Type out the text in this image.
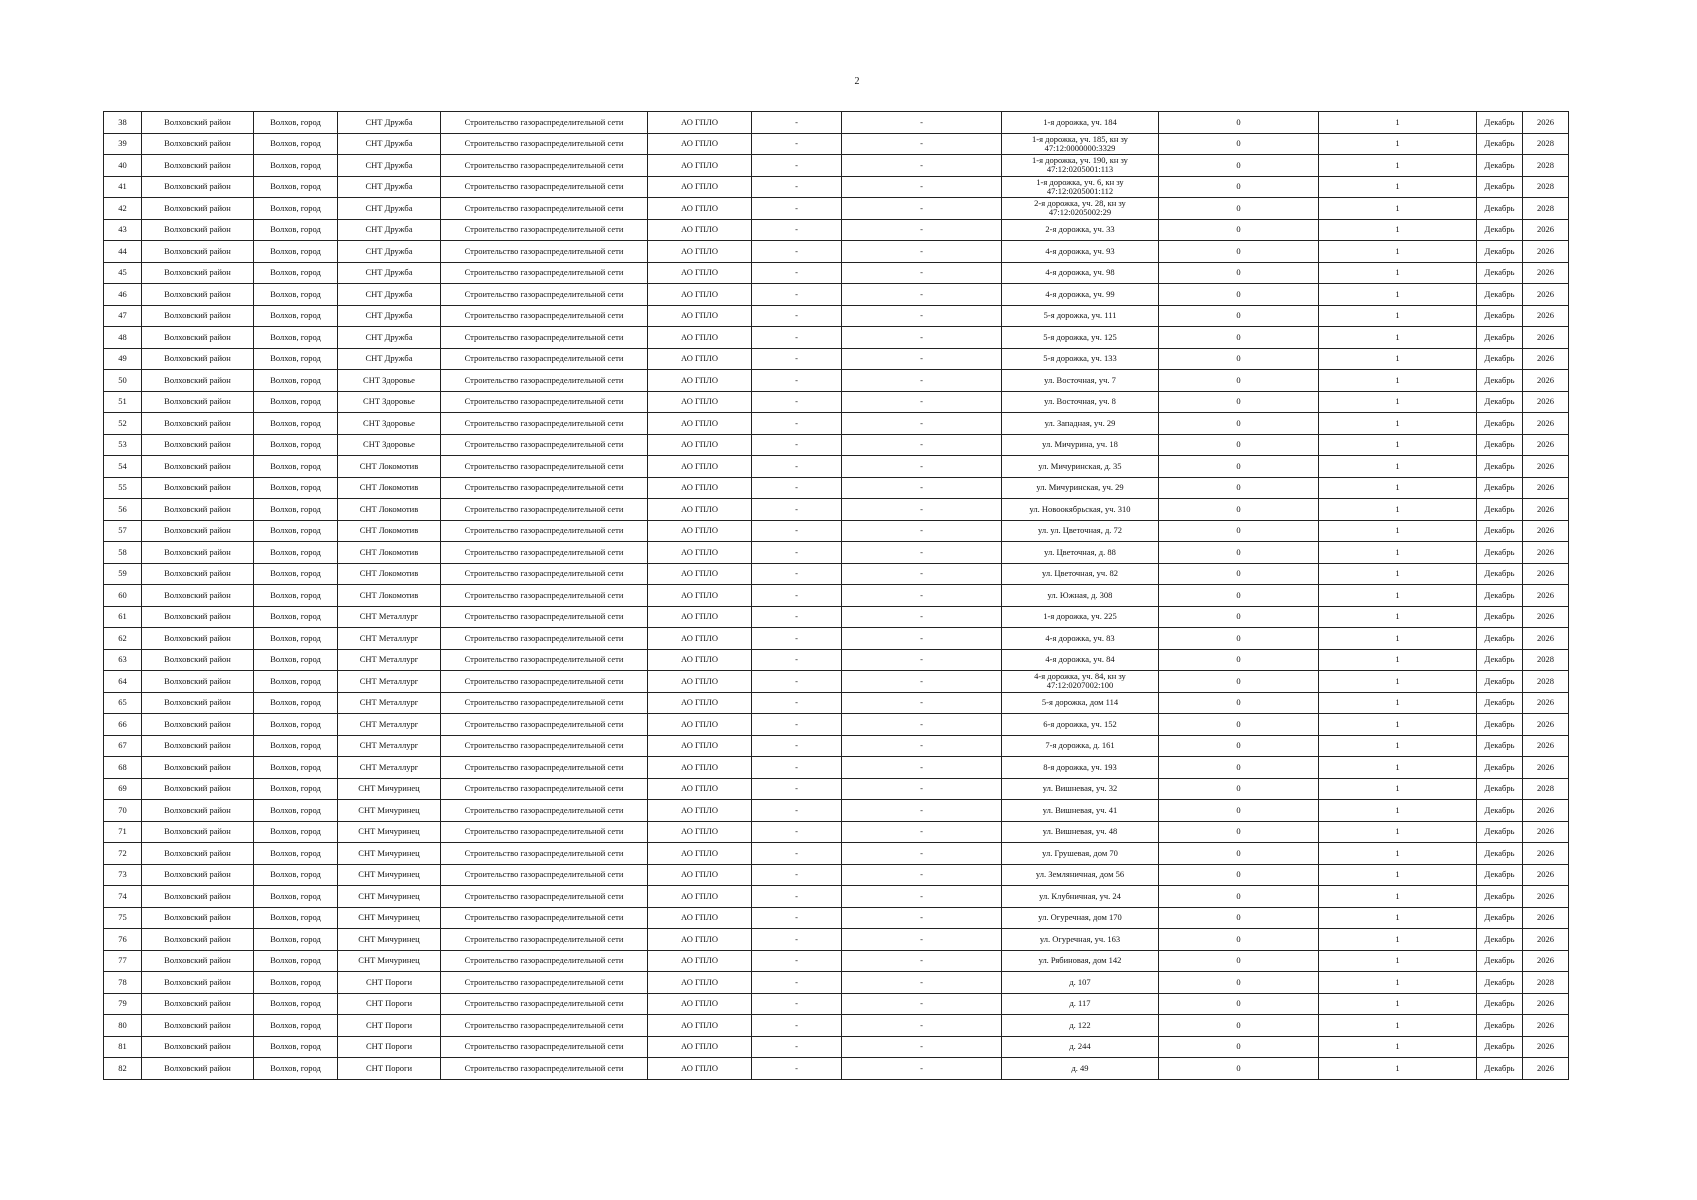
2
38	Волховский район	Волхов, город	СНТ Дружба	Строительство газораспределительной сети	АО ГПЛО	-	-	1-я дорожка, уч. 184	0	1	Декабрь	2026
39	Волховский район	Волхов, город	СНТ Дружба	Строительство газораспределительной сети	АО ГПЛО	-	-	1-я дорожка, уч. 185, кн зу 47:12:0000000:3329	0	1	Декабрь	2028
40	Волховский район	Волхов, город	СНТ Дружба	Строительство газораспределительной сети	АО ГПЛО	-	-	1-я дорожка, уч. 190, кн зу 47:12:0205001:113	0	1	Декабрь	2028
41	Волховский район	Волхов, город	СНТ Дружба	Строительство газораспределительной сети	АО ГПЛО	-	-	1-я дорожка, уч. 6, кн зу 47:12:0205001:112	0	1	Декабрь	2028
42	Волховский район	Волхов, город	СНТ Дружба	Строительство газораспределительной сети	АО ГПЛО	-	-	2-я дорожка, уч. 28, кн зу 47:12:0205002:29	0	1	Декабрь	2028
43	Волховский район	Волхов, город	СНТ Дружба	Строительство газораспределительной сети	АО ГПЛО	-	-	2-я дорожка, уч. 33	0	1	Декабрь	2026
44	Волховский район	Волхов, город	СНТ Дружба	Строительство газораспределительной сети	АО ГПЛО	-	-	4-я дорожка, уч. 93	0	1	Декабрь	2026
45	Волховский район	Волхов, город	СНТ Дружба	Строительство газораспределительной сети	АО ГПЛО	-	-	4-я дорожка, уч. 98	0	1	Декабрь	2026
46	Волховский район	Волхов, город	СНТ Дружба	Строительство газораспределительной сети	АО ГПЛО	-	-	4-я дорожка, уч. 99	0	1	Декабрь	2026
47	Волховский район	Волхов, город	СНТ Дружба	Строительство газораспределительной сети	АО ГПЛО	-	-	5-я дорожка, уч. 111	0	1	Декабрь	2026
48	Волховский район	Волхов, город	СНТ Дружба	Строительство газораспределительной сети	АО ГПЛО	-	-	5-я дорожка, уч. 125	0	1	Декабрь	2026
49	Волховский район	Волхов, город	СНТ Дружба	Строительство газораспределительной сети	АО ГПЛО	-	-	5-я дорожка, уч. 133	0	1	Декабрь	2026
50	Волховский район	Волхов, город	СНТ Здоровье	Строительство газораспределительной сети	АО ГПЛО	-	-	ул. Восточная, уч. 7	0	1	Декабрь	2026
51	Волховский район	Волхов, город	СНТ Здоровье	Строительство газораспределительной сети	АО ГПЛО	-	-	ул. Восточная, уч. 8	0	1	Декабрь	2026
52	Волховский район	Волхов, город	СНТ Здоровье	Строительство газораспределительной сети	АО ГПЛО	-	-	ул. Западная, уч. 29	0	1	Декабрь	2026
53	Волховский район	Волхов, город	СНТ Здоровье	Строительство газораспределительной сети	АО ГПЛО	-	-	ул. Мичурина, уч. 18	0	1	Декабрь	2026
54	Волховский район	Волхов, город	СНТ Локомотив	Строительство газораспределительной сети	АО ГПЛО	-	-	ул. Мичуринская, д. 35	0	1	Декабрь	2026
55	Волховский район	Волхов, город	СНТ Локомотив	Строительство газораспределительной сети	АО ГПЛО	-	-	ул. Мичуринская, уч. 29	0	1	Декабрь	2026
56	Волховский район	Волхов, город	СНТ Локомотив	Строительство газораспределительной сети	АО ГПЛО	-	-	ул. Новоокябрьская, уч. 310	0	1	Декабрь	2026
57	Волховский район	Волхов, город	СНТ Локомотив	Строительство газораспределительной сети	АО ГПЛО	-	-	ул. ул. Цветочная, д. 72	0	1	Декабрь	2026
58	Волховский район	Волхов, город	СНТ Локомотив	Строительство газораспределительной сети	АО ГПЛО	-	-	ул. Цветочная, д. 88	0	1	Декабрь	2026
59	Волховский район	Волхов, город	СНТ Локомотив	Строительство газораспределительной сети	АО ГПЛО	-	-	ул. Цветочная, уч. 82	0	1	Декабрь	2026
60	Волховский район	Волхов, город	СНТ Локомотив	Строительство газораспределительной сети	АО ГПЛО	-	-	ул. Южная, д. 308	0	1	Декабрь	2026
61	Волховский район	Волхов, город	СНТ Металлург	Строительство газораспределительной сети	АО ГПЛО	-	-	1-я дорожка, уч. 225	0	1	Декабрь	2026
62	Волховский район	Волхов, город	СНТ Металлург	Строительство газораспределительной сети	АО ГПЛО	-	-	4-я дорожка, уч. 83	0	1	Декабрь	2026
63	Волховский район	Волхов, город	СНТ Металлург	Строительство газораспределительной сети	АО ГПЛО	-	-	4-я дорожка, уч. 84	0	1	Декабрь	2028
64	Волховский район	Волхов, город	СНТ Металлург	Строительство газораспределительной сети	АО ГПЛО	-	-	4-я дорожка, уч. 84, кн зу 47:12:0207002:100	0	1	Декабрь	2028
65	Волховский район	Волхов, город	СНТ Металлург	Строительство газораспределительной сети	АО ГПЛО	-	-	5-я дорожка, дом 114	0	1	Декабрь	2026
66	Волховский район	Волхов, город	СНТ Металлург	Строительство газораспределительной сети	АО ГПЛО	-	-	6-я дорожка, уч. 152	0	1	Декабрь	2026
67	Волховский район	Волхов, город	СНТ Металлург	Строительство газораспределительной сети	АО ГПЛО	-	-	7-я дорожка, д. 161	0	1	Декабрь	2026
68	Волховский район	Волхов, город	СНТ Металлург	Строительство газораспределительной сети	АО ГПЛО	-	-	8-я дорожка, уч. 193	0	1	Декабрь	2026
69	Волховский район	Волхов, город	СНТ Мичуринец	Строительство газораспределительной сети	АО ГПЛО	-	-	ул. Вишневая, уч. 32	0	1	Декабрь	2028
70	Волховский район	Волхов, город	СНТ Мичуринец	Строительство газораспределительной сети	АО ГПЛО	-	-	ул. Вишневая, уч. 41	0	1	Декабрь	2026
71	Волховский район	Волхов, город	СНТ Мичуринец	Строительство газораспределительной сети	АО ГПЛО	-	-	ул. Вишневая, уч. 48	0	1	Декабрь	2026
72	Волховский район	Волхов, город	СНТ Мичуринец	Строительство газораспределительной сети	АО ГПЛО	-	-	ул. Грушевая, дом 70	0	1	Декабрь	2026
73	Волховский район	Волхов, город	СНТ Мичуринец	Строительство газораспределительной сети	АО ГПЛО	-	-	ул. Земляничная, дом 56	0	1	Декабрь	2026
74	Волховский район	Волхов, город	СНТ Мичуринец	Строительство газораспределительной сети	АО ГПЛО	-	-	ул. Клубничная, уч. 24	0	1	Декабрь	2026
75	Волховский район	Волхов, город	СНТ Мичуринец	Строительство газораспределительной сети	АО ГПЛО	-	-	ул. Огуречная, дом 170	0	1	Декабрь	2026
76	Волховский район	Волхов, город	СНТ Мичуринец	Строительство газораспределительной сети	АО ГПЛО	-	-	ул. Огуречная, уч. 163	0	1	Декабрь	2026
77	Волховский район	Волхов, город	СНТ Мичуринец	Строительство газораспределительной сети	АО ГПЛО	-	-	ул. Рябиновая, дом 142	0	1	Декабрь	2026
78	Волховский район	Волхов, город	СНТ Пороги	Строительство газораспределительной сети	АО ГПЛО	-	-	д. 107	0	1	Декабрь	2028
79	Волховский район	Волхов, город	СНТ Пороги	Строительство газораспределительной сети	АО ГПЛО	-	-	д. 117	0	1	Декабрь	2026
80	Волховский район	Волхов, город	СНТ Пороги	Строительство газораспределительной сети	АО ГПЛО	-	-	д. 122	0	1	Декабрь	2026
81	Волховский район	Волхов, город	СНТ Пороги	Строительство газораспределительной сети	АО ГПЛО	-	-	д. 244	0	1	Декабрь	2026
82	Волховский район	Волхов, город	СНТ Пороги	Строительство газораспределительной сети	АО ГПЛО	-	-	д. 49	0	1	Декабрь	2026
